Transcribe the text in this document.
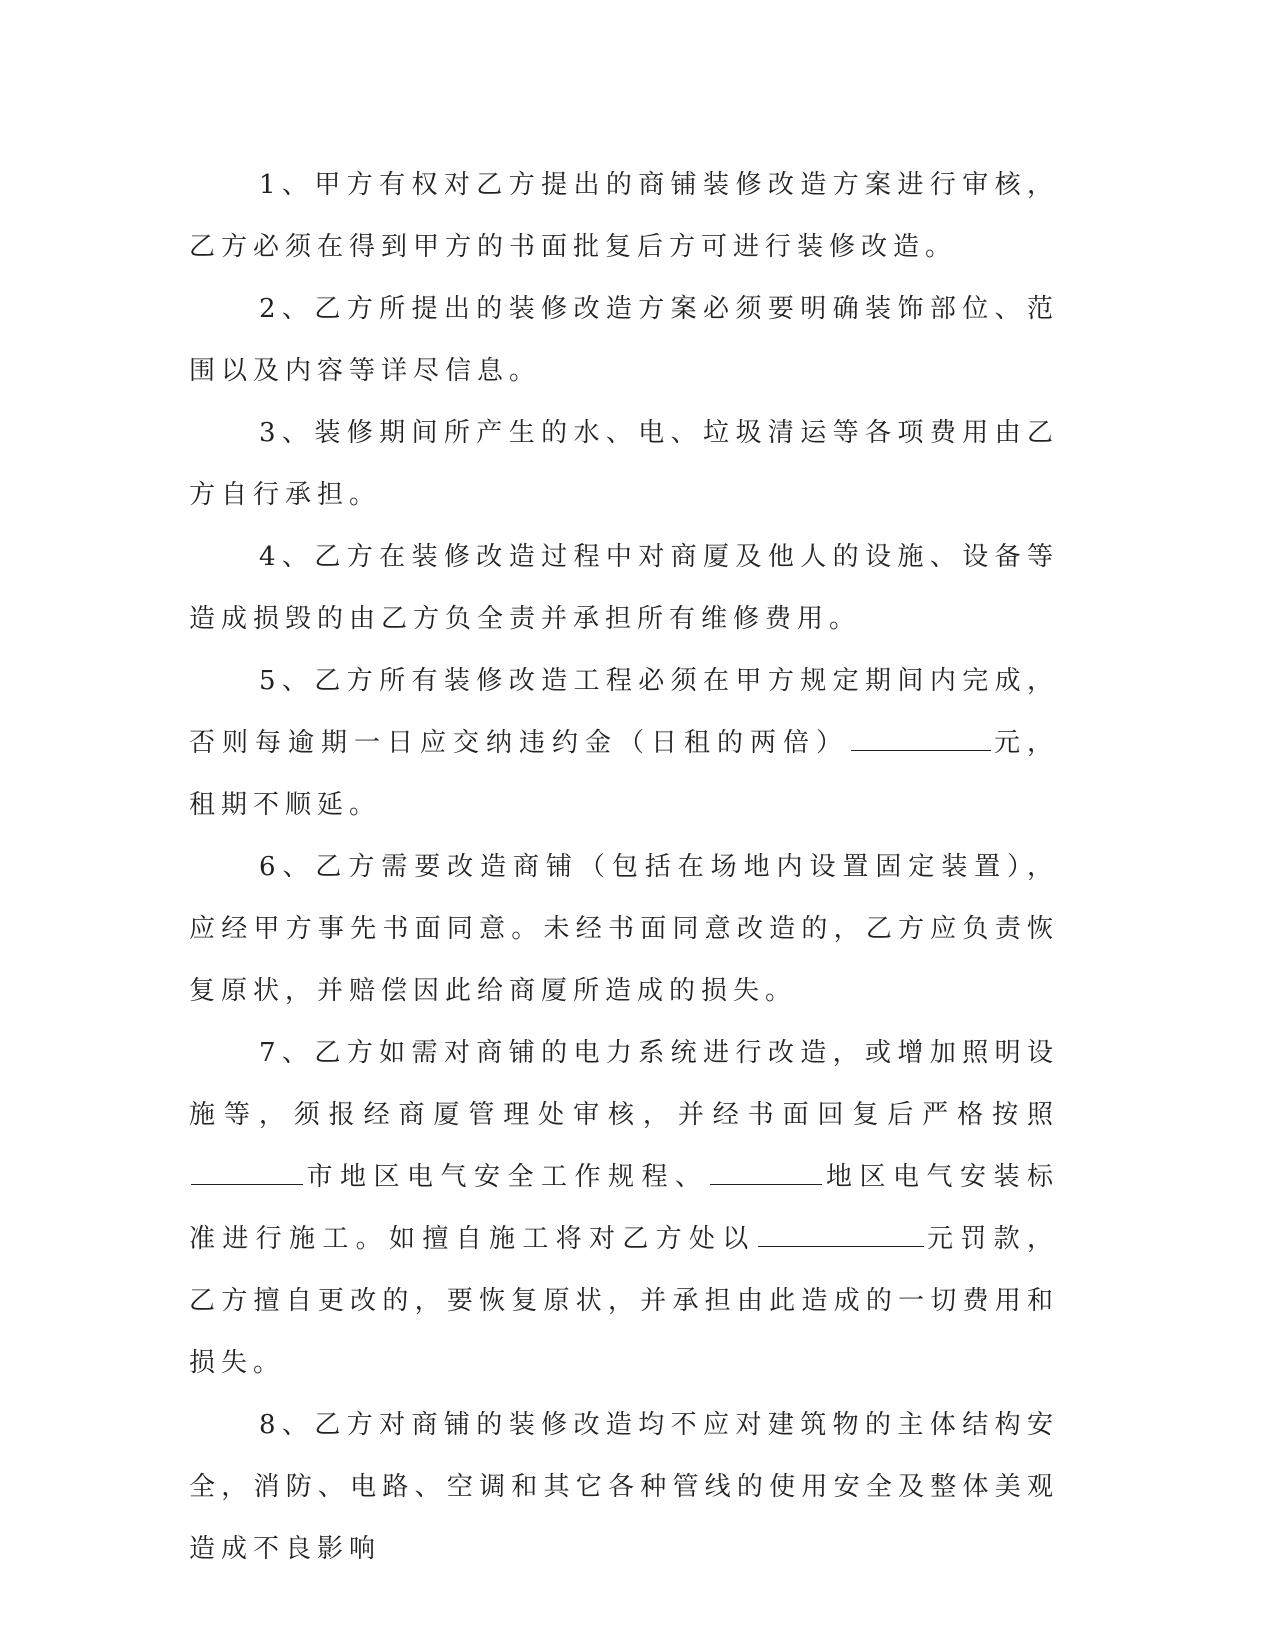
1、甲方有权对乙方提出的商铺装修改造方案进行审核，乙方必须在得到甲方的书面批复后方可进行装修改造。

2、乙方所提出的装修改造方案必须要明确装饰部位、范围以及内容等详尽信息。

3、装修期间所产生的水、电、垃圾清运等各项费用由乙方自行承担。

4、乙方在装修改造过程中对商厦及他人的设施、设备等造成损毁的由乙方负全责并承担所有维修费用。

5、乙方所有装修改造工程必须在甲方规定期间内完成，否则每逾期一日应交纳违约金（日租的两倍）	元，租期不顺延。

6、乙方需要改造商铺（包括在场地内设置固定装置），应经甲方事先书面同意。未经书面同意改造的，乙方应负责恢复原状，并赔偿因此给商厦所造成的损失。

7、乙方如需对商铺的电力系统进行改造，或增加照明设施等，须报经商厦管理处审核，并经书面回复后严格按照市地区电气安全工作规程、	地区电气安装标准进行施工。如擅自施工将对乙方处以	元罚款，乙方擅自更改的，要恢复原状，并承担由此造成的一切费用和损失。

8、乙方对商铺的装修改造均不应对建筑物的主体结构安全，消防、电路、空调和其它各种管线的使用安全及整体美观造成不良影响
